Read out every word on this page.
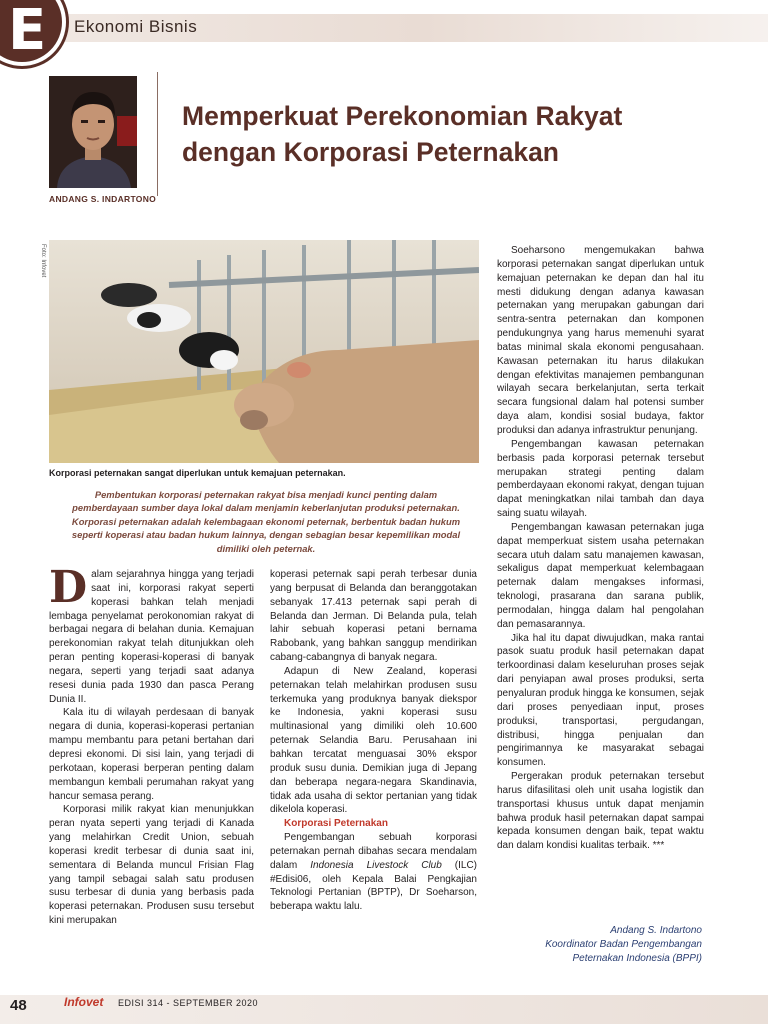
E Ekonomi Bisnis
ANDANG S. INDARTONO
Memperkuat Perekonomian Rakyat
dengan Korporasi Peternakan
Foto: Infovet
Korporasi peternakan sangat diperlukan untuk kemajuan peternakan.

Pembentukan korporasi peternakan rakyat bisa menjadi kunci penting dalam pemberdayaan sumber daya lokal dalam menjamin keberlanjutan produksi peternakan. Korporasi peternakan adalah kelembagaan ekonomi peternak, berbentuk badan hukum seperti koperasi atau badan hukum lainnya, dengan sebagian besar kepemilikan modal dimiliki oleh peternak.

Dalam sejarahnya hingga yang terjadi saat ini, korporasi rakyat seperti koperasi bahkan telah menjadi lembaga penyelamat perokonomian rakyat di berbagai negara di belahan dunia. Kemajuan perekonomian rakyat telah ditunjukkan oleh peran penting koperasi-koperasi di banyak negara, seperti yang terjadi saat adanya resesi dunia pada 1930 dan pasca Perang Dunia II.

Kala itu di wilayah perdesaan di banyak negara di dunia, koperasi-koperasi pertanian mampu membantu para petani bertahan dari depresi ekonomi. Di sisi lain, yang terjadi di perkotaan, koperasi berperan penting dalam membangun kembali perumahan rakyat yang hancur semasa perang.

Korporasi milik rakyat kian menunjukkan peran nyata seperti yang terjadi di Kanada yang melahirkan Credit Union, sebuah koperasi kredit terbesar di dunia saat ini, sementara di Belanda muncul Frisian Flag yang tampil sebagai salah satu produsen susu terbesar di dunia yang berbasis pada koperasi peternakan. Produsen susu tersebut kini merupakan

koperasi peternak sapi perah terbesar dunia yang berpusat di Belanda dan beranggotakan sebanyak 17.413 peternak sapi perah di Belanda dan Jerman. Di Belanda pula, telah lahir sebuah koperasi petani bernama Rabobank, yang bahkan sanggup mendirikan cabang-cabangnya di banyak negara.

Adapun di New Zealand, koperasi peternakan telah melahirkan produsen susu terkemuka yang produknya banyak diekspor ke Indonesia, yakni koperasi susu multinasional yang dimiliki oleh 10.600 peternak Selandia Baru. Perusahaan ini bahkan tercatat menguasai 30% ekspor produk susu dunia. Demikian juga di Jepang dan beberapa negara-negara Skandinavia, tidak ada usaha di sektor pertanian yang tidak dikelola koperasi.

Korporasi Peternakan

Pengembangan sebuah korporasi peternakan pernah dibahas secara mendalam dalam Indonesia Livestock Club (ILC) #Edisi06, oleh Kepala Balai Pengkajian Teknologi Pertanian (BPTP), Dr Soeharson, beberapa waktu lalu.

Soeharsono mengemukakan bahwa korporasi peternakan sangat diperlukan untuk kemajuan peternakan ke depan dan hal itu mesti didukung dengan adanya kawasan peternakan yang merupakan gabungan dari sentra-sentra peternakan dan komponen pendukungnya yang harus memenuhi syarat batas minimal skala ekonomi pengusahaan. Kawasan peternakan itu harus dilakukan dengan efektivitas manajemen pembangunan wilayah secara berkelanjutan, serta terkait secara fungsional dalam hal potensi sumber daya alam, kondisi sosial budaya, faktor produksi dan adanya infrastruktur penunjang.

Pengembangan kawasan peternakan berbasis pada korporasi peternak tersebut merupakan strategi penting dalam pemberdayaan ekonomi rakyat, dengan tujuan dapat meningkatkan nilai tambah dan daya saing suatu wilayah.

Pengembangan kawasan peternakan juga dapat memperkuat sistem usaha peternakan secara utuh dalam satu manajemen kawasan, sekaligus dapat memperkuat kelembagaan peternak dalam mengakses informasi, teknologi, prasarana dan sarana publik, permodalan, hingga dalam hal pengolahan dan pemasarannya.

Jika hal itu dapat diwujudkan, maka rantai pasok suatu produk hasil peternakan dapat terkoordinasi dalam keseluruhan proses sejak dari penyiapan awal proses produksi, serta penyaluran produk hingga ke konsumen, sejak dari proses penyediaan input, proses produksi, transportasi, pergudangan, distribusi, hingga penjualan dan pengirimannya ke masyarakat sebagai konsumen.

Pergerakan produk peternakan tersebut harus difasilitasi oleh unit usaha logistik dan transportasi khusus untuk dapat menjamin bahwa produk hasil peternakan dapat sampai kepada konsumen dengan baik, tepat waktu dan dalam kondisi kualitas terbaik. ***

Andang S. Indartono
Koordinator Badan Pengembangan
Peternakan Indonesia (BPPI)
48	Infovet EDISI 314 - SEPTEMBER 2020
